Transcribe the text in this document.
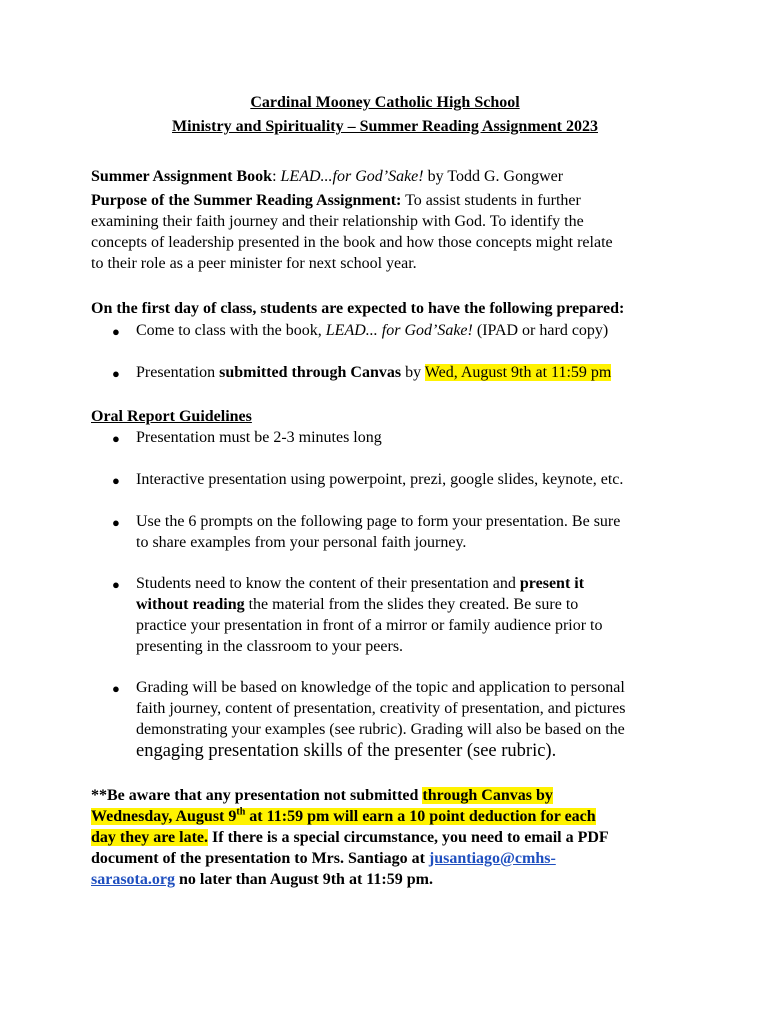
Cardinal Mooney Catholic High School
Ministry and Spirituality – Summer Reading Assignment 2023
Summer Assignment Book: LEAD...for God’Sake! by Todd G. Gongwer
Purpose of the Summer Reading Assignment: To assist students in further
examining their faith journey and their relationship with God. To identify the
concepts of leadership presented in the book and how those concepts might relate
to their role as a peer minister for next school year.
On the first day of class, students are expected to have the following prepared:
●	Come to class with the book, LEAD... for God’Sake! (IPAD or hard copy)
●	Presentation submitted through Canvas by Wed, August 9th at 11:59 pm
Oral Report Guidelines
●	Presentation must be 2-3 minutes long
●	Interactive presentation using powerpoint, prezi, google slides, keynote, etc.
●	Use the 6 prompts on the following page to form your presentation. Be sure
to share examples from your personal faith journey.
●	Students need to know the content of their presentation and present it
without reading the material from the slides they created. Be sure to
practice your presentation in front of a mirror or family audience prior to
presenting in the classroom to your peers.
●	Grading will be based on knowledge of the topic and application to personal
faith journey, content of presentation, creativity of presentation, and pictures
demonstrating your examples (see rubric). Grading will also be based on the
engaging presentation skills of the presenter (see rubric).
**Be aware that any presentation not submitted through Canvas by
Wednesday, August 9th at 11:59 pm will earn a 10 point deduction for each
day they are late. If there is a special circumstance, you need to email a PDF
document of the presentation to Mrs. Santiago at jusantiago@cmhs-
sarasota.org no later than August 9th at 11:59 pm.
